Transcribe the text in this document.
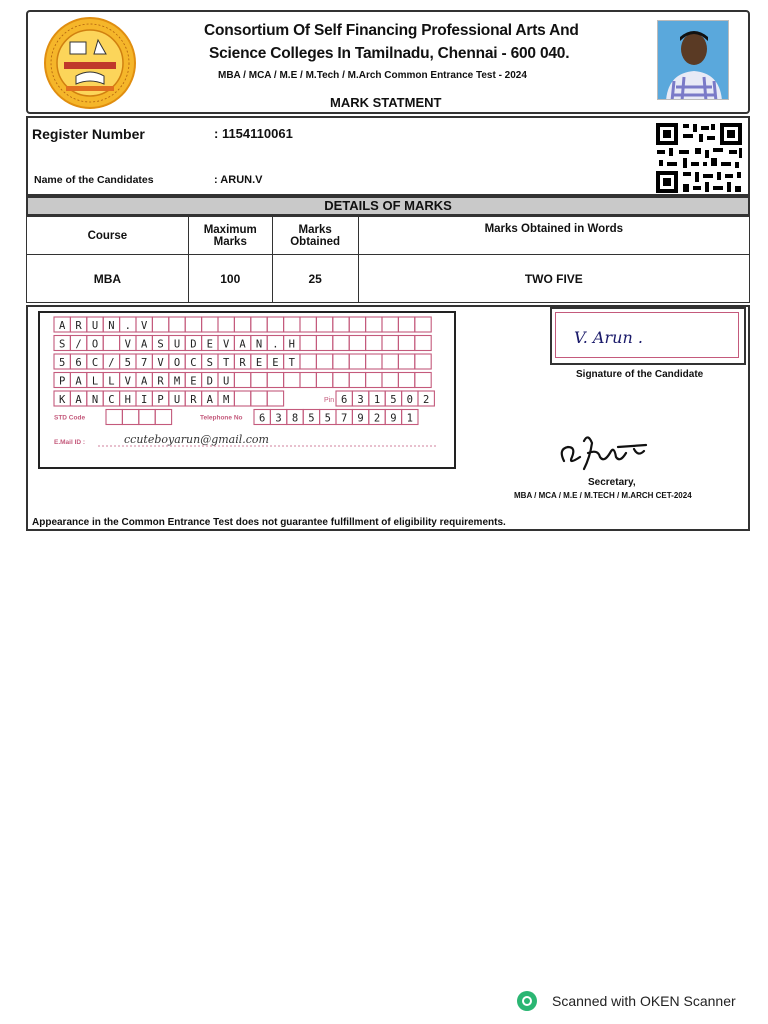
Consortium Of Self Financing Professional Arts And
Science Colleges In Tamilnadu, Chennai - 600 040.
MBA / MCA / M.E / M.Tech / M.Arch Common Entrance Test - 2024
MARK STATMENT
Register Number	: 1154110061
Name of the Candidates	: ARUN.V
DETAILS OF MARKS
Course	Maximum Marks	Marks Obtained	Marks Obtained in Words
MBA	100	25	TWO FIVE
A R U N . V
S / O	V A S U D E V A N . H
5 6 C / 5 7 V O C S T R E E T
P A L L V A R M E D U
K A N C H I P U R A M	Pin 6 3 1 5 0 2
STD Code	Telephone No 6 3 8 5 5 7 9 2 9 1
E.Mail ID :	ccuteboyarun@gmail.com
V. Arun .
Signature of the Candidate
Secretary,
MBA / MCA / M.E / M.TECH / M.ARCH CET-2024
Appearance in the Common Entrance Test does not guarantee fulfillment of eligibility requirements.
Scanned with OKEN Scanner
